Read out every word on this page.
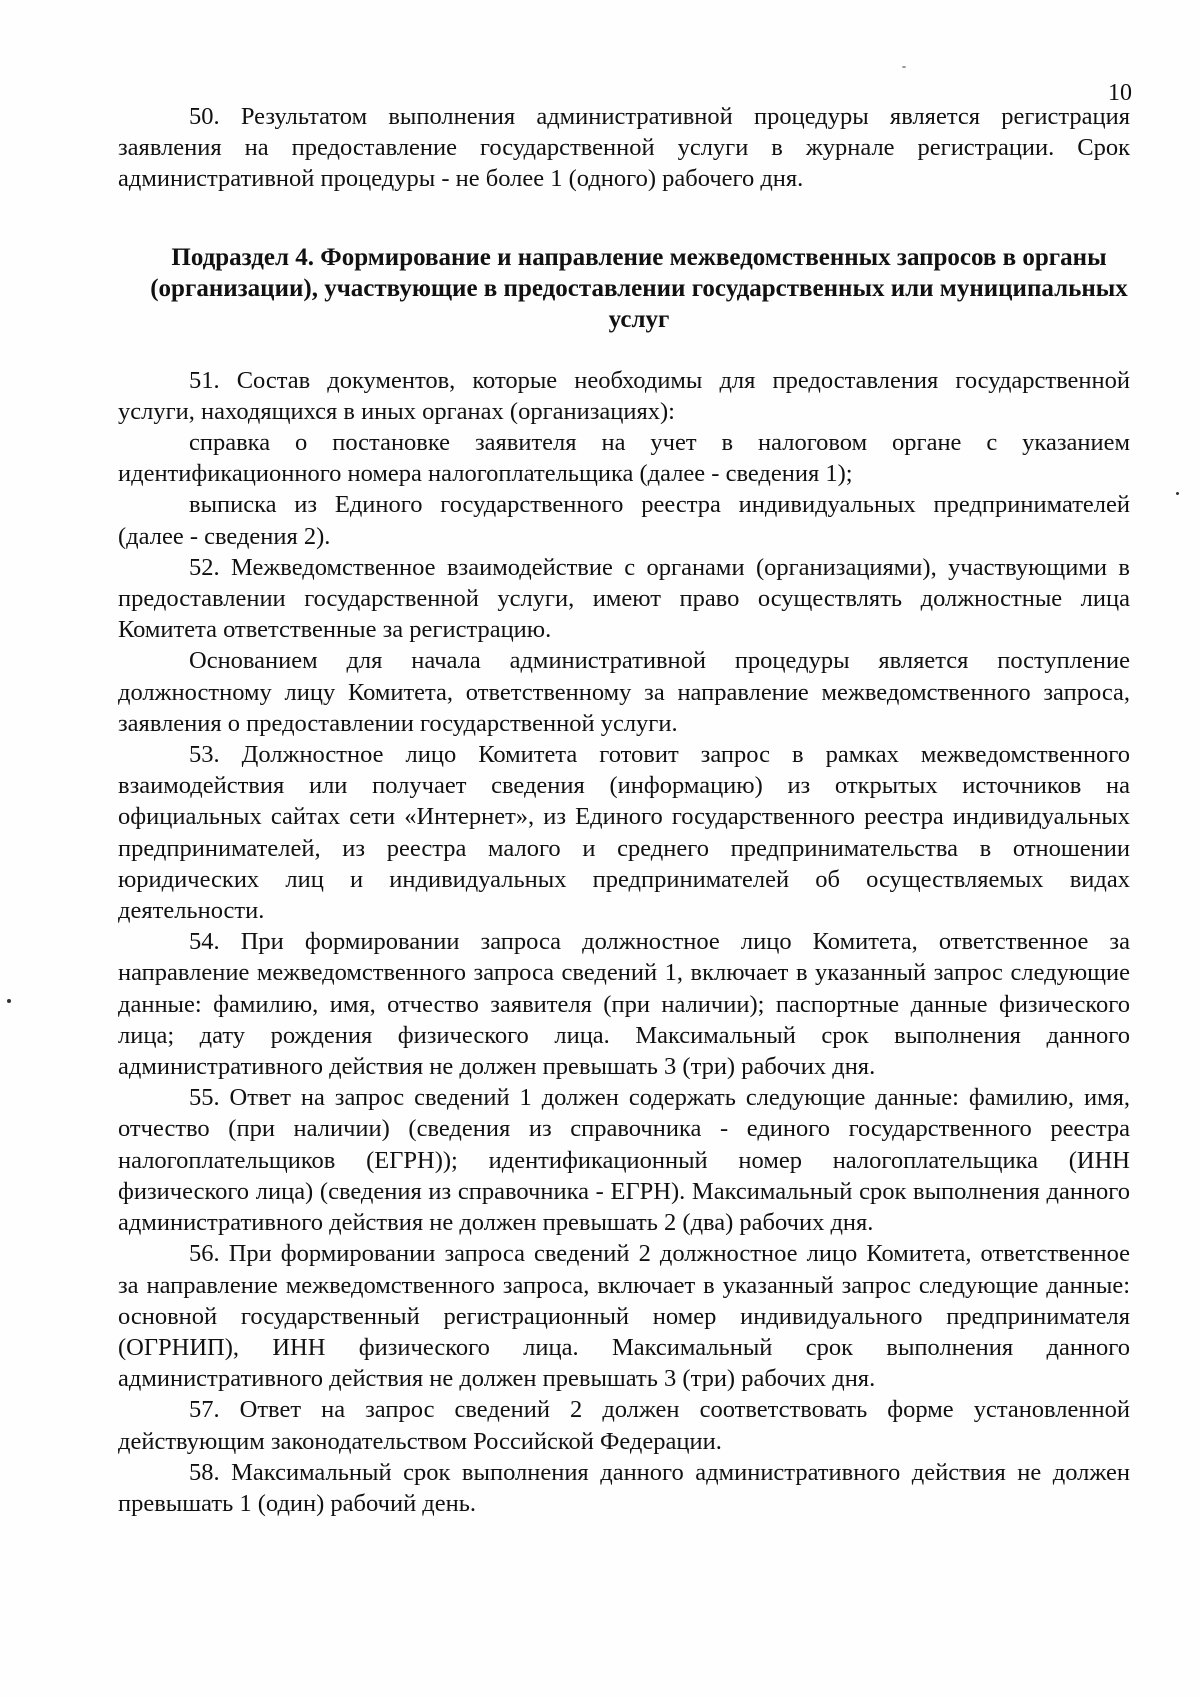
10

50. Результатом выполнения административной процедуры является регистрация заявления на предоставление государственной услуги в журнале регистрации. Срок административной процедуры - не более 1 (одного) рабочего дня.

Подраздел 4. Формирование и направление межведомственных запросов в органы (организации), участвующие в предоставлении государственных или муниципальных услуг

51. Состав документов, которые необходимы для предоставления государственной услуги, находящихся в иных органах (организациях):

справка о постановке заявителя на учет в налоговом органе с указанием идентификационного номера налогоплательщика (далее - сведения 1);

выписка из Единого государственного реестра индивидуальных предпринимателей (далее - сведения 2).

52. Межведомственное взаимодействие с органами (организациями), участвующими в предоставлении государственной услуги, имеют право осуществлять должностные лица Комитета ответственные за регистрацию.

Основанием для начала административной процедуры является поступление должностному лицу Комитета, ответственному за направление межведомственного запроса, заявления о предоставлении государственной услуги.

53. Должностное лицо Комитета готовит запрос в рамках межведомственного взаимодействия или получает сведения (информацию) из открытых источников на официальных сайтах сети «Интернет», из Единого государственного реестра индивидуальных предпринимателей, из реестра малого и среднего предпринимательства в отношении юридических лиц и индивидуальных предпринимателей об осуществляемых видах деятельности.

54. При формировании запроса должностное лицо Комитета, ответственное за направление межведомственного запроса сведений 1, включает в указанный запрос следующие данные: фамилию, имя, отчество заявителя (при наличии); паспортные данные физического лица; дату рождения физического лица. Максимальный срок выполнения данного административного действия не должен превышать 3 (три) рабочих дня.

55. Ответ на запрос сведений 1 должен содержать следующие данные: фамилию, имя, отчество (при наличии) (сведения из справочника - единого государственного реестра налогоплательщиков (ЕГРН)); идентификационный номер налогоплательщика (ИНН физического лица) (сведения из справочника - ЕГРН). Максимальный срок выполнения данного административного действия не должен превышать 2 (два) рабочих дня.

56. При формировании запроса сведений 2 должностное лицо Комитета, ответственное за направление межведомственного запроса, включает в указанный запрос следующие данные: основной государственный регистрационный номер индивидуального предпринимателя (ОГРНИП), ИНН физического лица. Максимальный срок выполнения данного административного действия не должен превышать 3 (три) рабочих дня.

57. Ответ на запрос сведений 2 должен соответствовать форме установленной действующим законодательством Российской Федерации.

58. Максимальный срок выполнения данного административного действия не должен превышать 1 (один) рабочий день.
